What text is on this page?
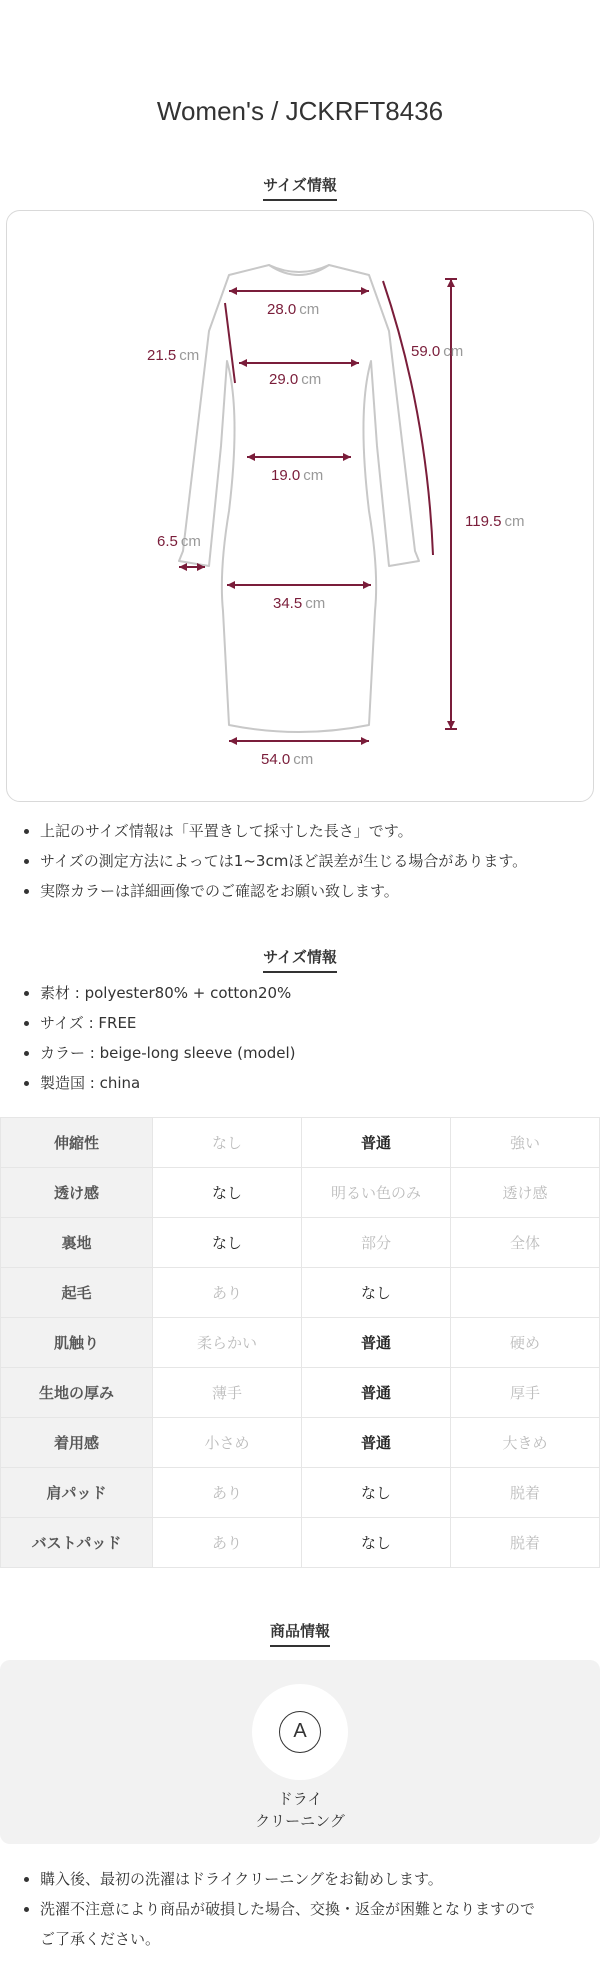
Women's / JCKRFT8436
サイズ情報
28.0 cm
29.0 cm
19.0 cm
34.5 cm
54.0 cm
21.5 cm	59.0 cm
6.5 cm
119.5 cm
上記のサイズ情報は「平置きして採寸した長さ」です。
サイズの測定方法によっては1~3cmほど誤差が生じる場合があります。
実際カラーは詳細画像でのご確認をお願い致します。
サイズ情報
素材 : polyester80% + cotton20%
サイズ : FREE
カラー : beige-long sleeve (model)
製造国 : china
伸縮性	なし	普通	強い
透け感	なし	明るい色のみ	透け感
裏地	なし	部分	全体
起毛	あり	なし	
肌触り	柔らかい	普通	硬め
生地の厚み	薄手	普通	厚手
着用感	小さめ	普通	大きめ
肩パッド	あり	なし	脱着
バストパッド	あり	なし	脱着
商品情報
A
ドライ
クリーニング
購入後、最初の洗濯はドライクリーニングをお勧めします。
洗濯不注意により商品が破損した場合、交換・返金が困難となりますので
ご了承ください。
